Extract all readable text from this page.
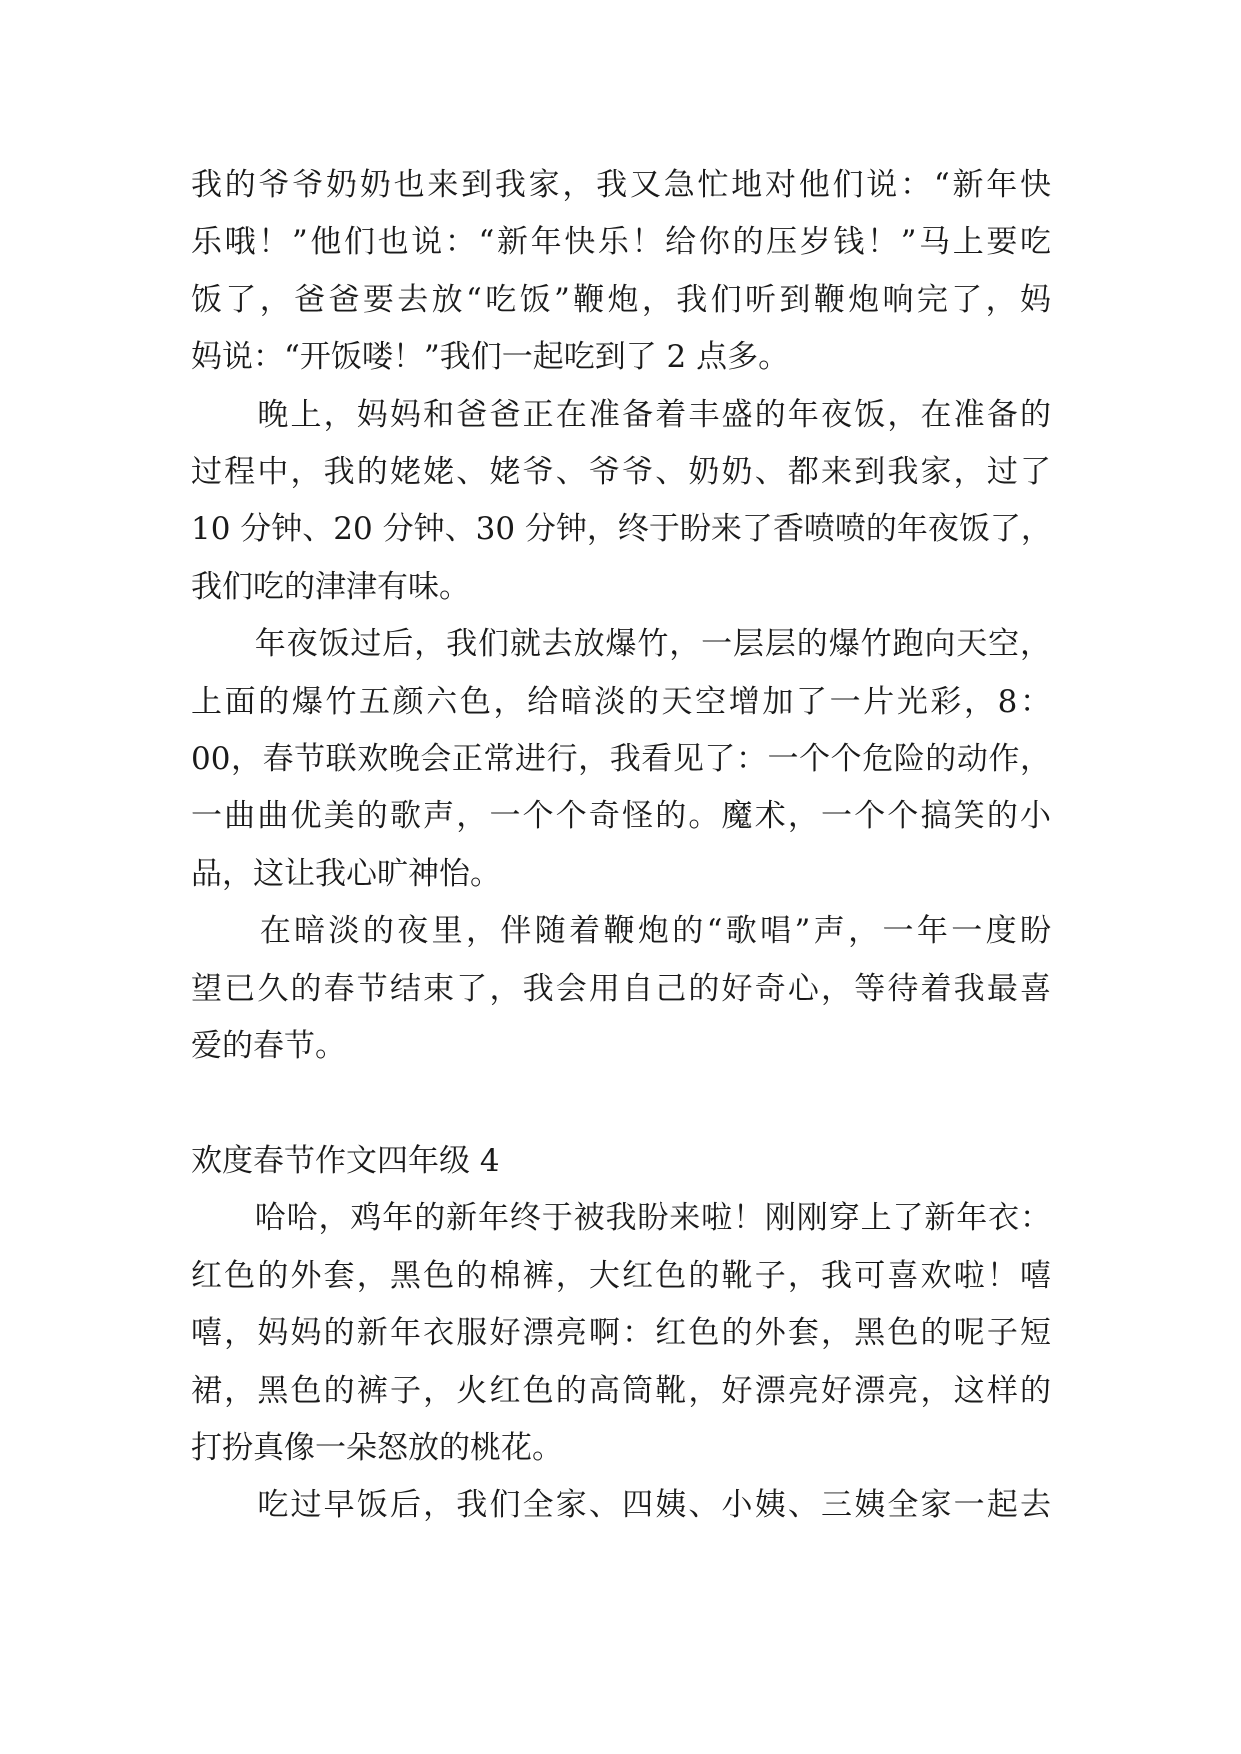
我的爷爷奶奶也来到我家，我又急忙地对他们说：“新年快
乐哦！”他们也说：“新年快乐！给你的压岁钱！”马上要吃
饭了，爸爸要去放“吃饭”鞭炮，我们听到鞭炮响完了，妈
妈说：“开饭喽！”我们一起吃到了 2 点多。
　　晚上，妈妈和爸爸正在准备着丰盛的年夜饭，在准备的
过程中，我的姥姥、姥爷、爷爷、奶奶、都来到我家，过了
10 分钟、20 分钟、30 分钟，终于盼来了香喷喷的年夜饭了，
我们吃的津津有味。
　　年夜饭过后，我们就去放爆竹，一层层的爆竹跑向天空，
上面的爆竹五颜六色，给暗淡的天空增加了一片光彩，8：
00，春节联欢晚会正常进行，我看见了：一个个危险的动作，
一曲曲优美的歌声，一个个奇怪的。魔术，一个个搞笑的小
品，这让我心旷神怡。
　　在暗淡的夜里，伴随着鞭炮的“歌唱”声，一年一度盼
望已久的春节结束了，我会用自己的好奇心，等待着我最喜
爱的春节。
欢度春节作文四年级 4
　　哈哈，鸡年的新年终于被我盼来啦！刚刚穿上了新年衣：
红色的外套，黑色的棉裤，大红色的靴子，我可喜欢啦！嘻
嘻，妈妈的新年衣服好漂亮啊：红色的外套，黑色的呢子短
裙，黑色的裤子，火红色的高筒靴，好漂亮好漂亮，这样的
打扮真像一朵怒放的桃花。
　　吃过早饭后，我们全家、四姨、小姨、三姨全家一起去
